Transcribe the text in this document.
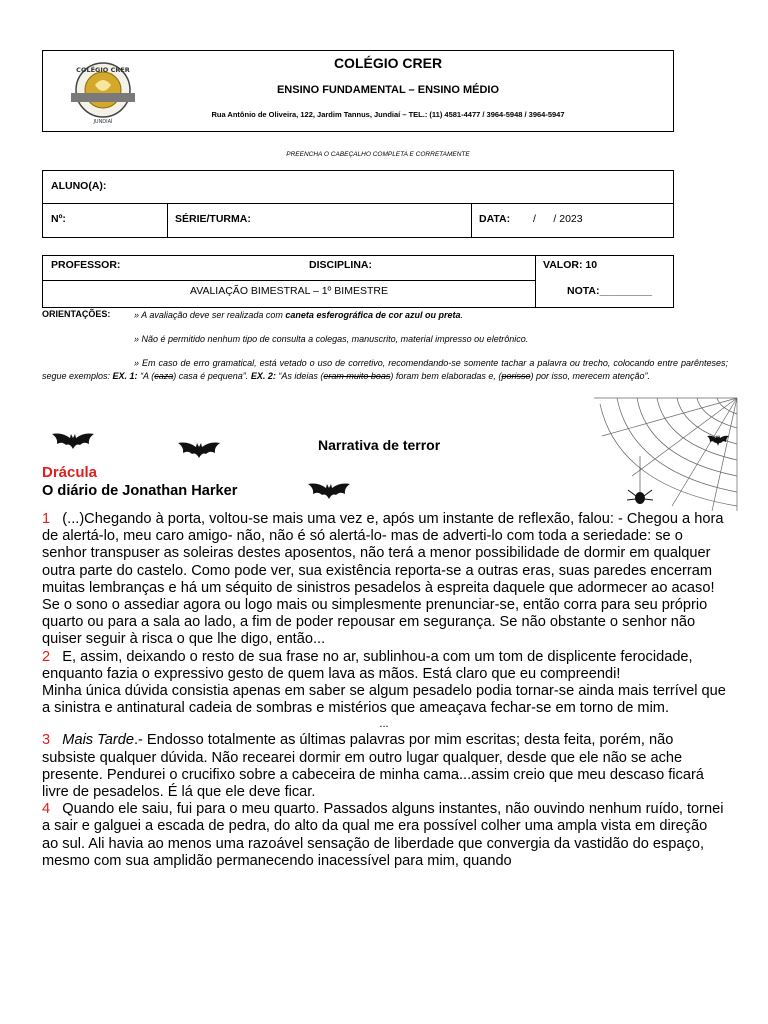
COLÉGIO CRER
JUNDIAÍ
COLÉGIO CRER
ENSINO FUNDAMENTAL – ENSINO MÉDIO
Rua Antônio de Oliveira, 122, Jardim Tannus, Jundiaí – TEL.: (11) 4581-4477 / 3964-5948 / 3964-5947
PREENCHA O CABEÇALHO COMPLETA E CORRETAMENTE
ALUNO(A):
Nº:	SÉRIE/TURMA:	DATA: /      / 2023
PROFESSOR:	DISCIPLINA:	VALOR: 10
AVALIAÇÃO BIMESTRAL – 1º BIMESTRE	NOTA:_________
ORIENTAÇÕES:	» A avaliação deve ser realizada com caneta esferográfica de cor azul ou preta.
» Não é permitido nenhum tipo de consulta a colegas, manuscrito, material impresso ou eletrônico.
» Em caso de erro gramatical, está vetado o uso de corretivo, recomendando-se somente tachar a palavra ou trecho, colocando entre parênteses; segue exemplos: EX. 1: “A (caza) casa é pequena”. EX. 2: “As ideias (eram muito boas) foram bem elaboradas e, (porisso) por isso, merecem atenção”.
Narrativa de terror
Drácula
O diário de Jonathan Harker

1 (...)Chegando à porta, voltou-se mais uma vez e, após um instante de reflexão, falou: - Chegou a hora de alertá-lo, meu caro amigo- não, não é só alertá-lo- mas de adverti-lo com toda a seriedade: se o senhor transpuser as soleiras destes aposentos, não terá a menor possibilidade de dormir em qualquer outra parte do castelo. Como pode ver, sua existência reporta-se a outras eras, suas paredes encerram muitas lembranças e há um séquito de sinistros pesadelos à espreita daquele que adormecer ao acaso! Se o sono o assediar agora ou logo mais ou simplesmente prenunciar-se, então corra para seu próprio quarto ou para a sala ao lado, a fim de poder repousar em segurança. Se não obstante o senhor não quiser seguir à risca o que lhe digo, então...

2 E, assim, deixando o resto de sua frase no ar, sublinhou-a com um tom de displicente ferocidade, enquanto fazia o expressivo gesto de quem lava as mãos. Está claro que eu compreendi!

Minha única dúvida consistia apenas em saber se algum pesadelo podia tornar-se ainda mais terrível que a sinistra e antinatural cadeia de sombras e mistérios que ameaçava fechar-se em torno de mim.

...

3 Mais Tarde.- Endosso totalmente as últimas palavras por mim escritas; desta feita, porém, não subsiste qualquer dúvida. Não recearei dormir em outro lugar qualquer, desde que ele não se ache presente. Pendurei o crucifixo sobre a cabeceira de minha cama...assim creio que meu descaso ficará livre de pesadelos. É lá que ele deve ficar.

4 Quando ele saiu, fui para o meu quarto. Passados alguns instantes, não ouvindo nenhum ruído, tornei a sair e galguei a escada de pedra, do alto da qual me era possível colher uma ampla vista em direção ao sul. Ali havia ao menos uma razoável sensação de liberdade que convergia da vastidão do espaço, mesmo com sua amplidão permanecendo inacessível para mim, quando
